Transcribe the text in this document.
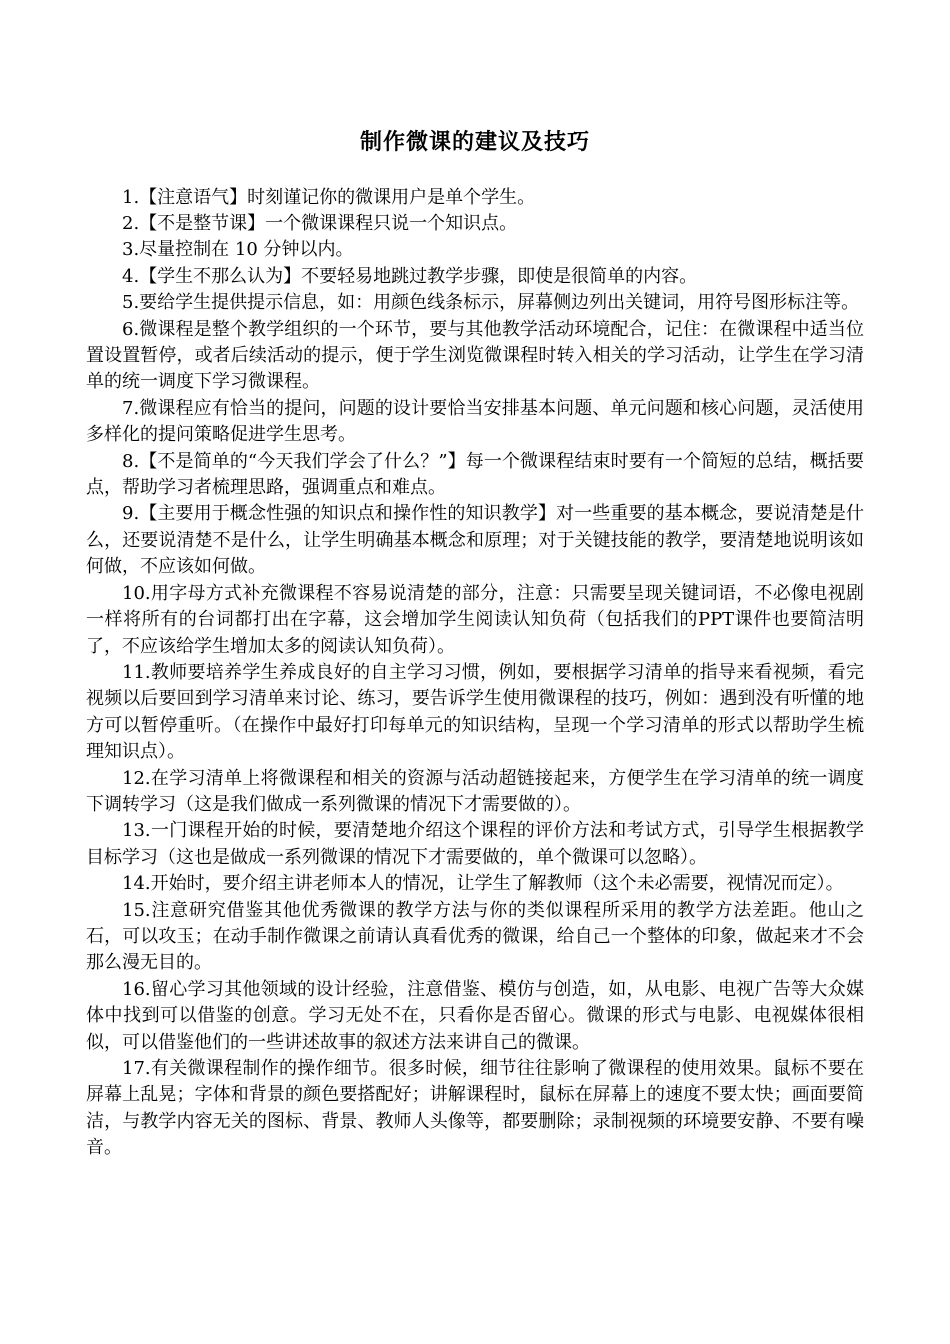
制作微课的建议及技巧

1.【注意语气】时刻谨记你的微课用户是单个学生。

2.【不是整节课】一个微课课程只说一个知识点。

3.尽量控制在 10 分钟以内。

4.【学生不那么认为】不要轻易地跳过教学步骤，即使是很简单的内容。

5.要给学生提供提示信息，如：用颜色线条标示，屏幕侧边列出关键词，用符号图形标注等。

6.微课程是整个教学组织的一个环节，要与其他教学活动环境配合，记住：在微课程中适当位置设置暂停，或者后续活动的提示，便于学生浏览微课程时转入相关的学习活动，让学生在学习清单的统一调度下学习微课程。

7.微课程应有恰当的提问，问题的设计要恰当安排基本问题、单元问题和核心问题，灵活使用多样化的提问策略促进学生思考。

8.【不是简单的“今天我们学会了什么？”】每一个微课程结束时要有一个简短的总结，概括要点，帮助学习者梳理思路，强调重点和难点。

9.【主要用于概念性强的知识点和操作性的知识教学】对一些重要的基本概念，要说清楚是什么，还要说清楚不是什么，让学生明确基本概念和原理；对于关键技能的教学，要清楚地说明该如何做，不应该如何做。

10.用字母方式补充微课程不容易说清楚的部分，注意：只需要呈现关键词语，不必像电视剧一样将所有的台词都打出在字幕，这会增加学生阅读认知负荷（包括我们的PPT课件也要简洁明了，不应该给学生增加太多的阅读认知负荷）。

11.教师要培养学生养成良好的自主学习习惯，例如，要根据学习清单的指导来看视频，看完视频以后要回到学习清单来讨论、练习，要告诉学生使用微课程的技巧，例如：遇到没有听懂的地方可以暂停重听。（在操作中最好打印每单元的知识结构，呈现一个学习清单的形式以帮助学生梳理知识点）。

12.在学习清单上将微课程和相关的资源与活动超链接起来，方便学生在学习清单的统一调度下调转学习（这是我们做成一系列微课的情况下才需要做的）。

13.一门课程开始的时候，要清楚地介绍这个课程的评价方法和考试方式，引导学生根据教学目标学习（这也是做成一系列微课的情况下才需要做的，单个微课可以忽略）。

14.开始时，要介绍主讲老师本人的情况，让学生了解教师（这个未必需要，视情况而定）。

15.注意研究借鉴其他优秀微课的教学方法与你的类似课程所采用的教学方法差距。他山之石，可以攻玉；在动手制作微课之前请认真看优秀的微课，给自己一个整体的印象，做起来才不会那么漫无目的。

16.留心学习其他领域的设计经验，注意借鉴、模仿与创造，如，从电影、电视广告等大众媒体中找到可以借鉴的创意。学习无处不在，只看你是否留心。微课的形式与电影、电视媒体很相似，可以借鉴他们的一些讲述故事的叙述方法来讲自己的微课。

17.有关微课程制作的操作细节。很多时候，细节往往影响了微课程的使用效果。鼠标不要在屏幕上乱晃；字体和背景的颜色要搭配好；讲解课程时，鼠标在屏幕上的速度不要太快；画面要简洁，与教学内容无关的图标、背景、教师人头像等，都要删除；录制视频的环境要安静、不要有噪音。
